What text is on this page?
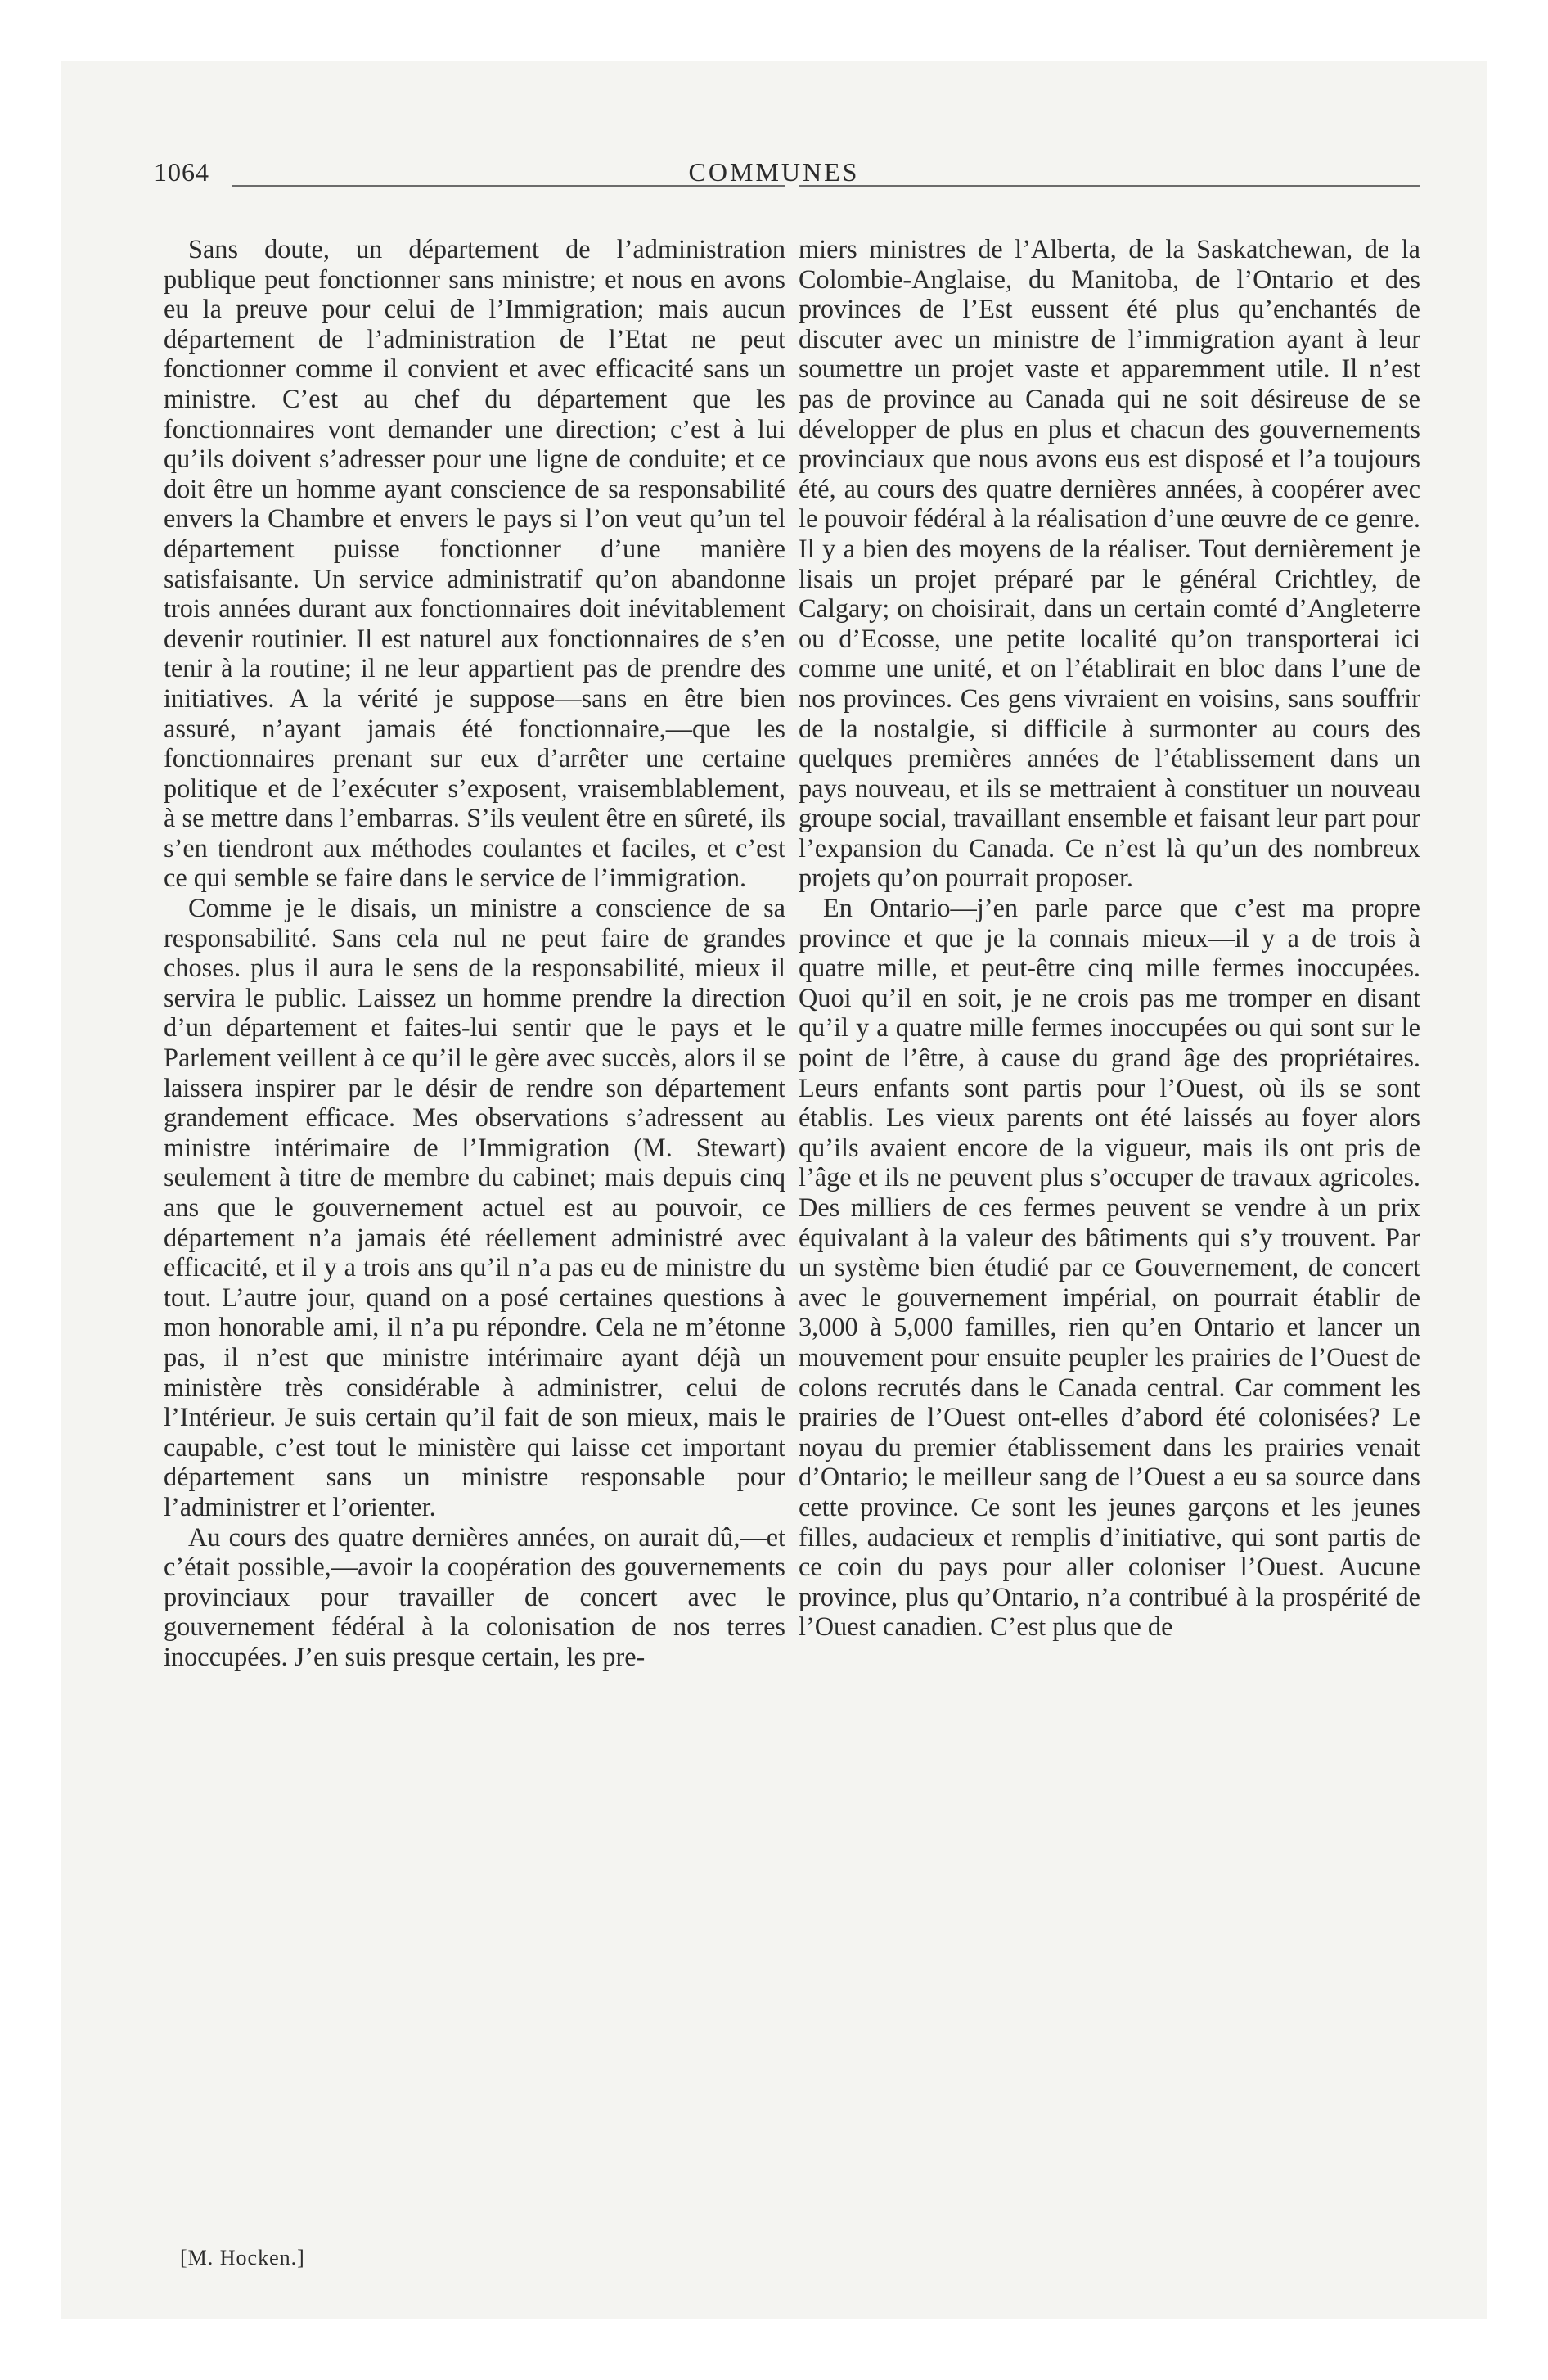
1064	COMMUNES

Sans doute, un département de l’administration publique peut fonctionner sans ministre; et nous en avons eu la preuve pour celui de l’Immigration; mais aucun département de l’administration de l’Etat ne peut fonctionner comme il convient et avec efficacité sans un ministre. C’est au chef du département que les fonctionnaires vont demander une direction; c’est à lui qu’ils doivent s’adresser pour une ligne de conduite; et ce doit être un homme ayant conscience de sa responsabilité envers la Chambre et envers le pays si l’on veut qu’un tel département puisse fonctionner d’une manière satisfaisante. Un service administratif qu’on abandonne trois années durant aux fonctionnaires doit inévitablement devenir routinier. Il est naturel aux fonctionnaires de s’en tenir à la routine; il ne leur appartient pas de prendre des initiatives. A la vérité je suppose—sans en être bien assuré, n’ayant jamais été fonctionnaire,—que les fonctionnaires prenant sur eux d’arrêter une certaine politique et de l’exécuter s’exposent, vraisemblablement, à se mettre dans l’embarras. S’ils veulent être en sûreté, ils s’en tiendront aux méthodes coulantes et faciles, et c’est ce qui semble se faire dans le service de l’immigration.

Comme je le disais, un ministre a conscience de sa responsabilité. Sans cela nul ne peut faire de grandes choses. plus il aura le sens de la responsabilité, mieux il servira le public. Laissez un homme prendre la direction d’un département et faites-lui sentir que le pays et le Parlement veillent à ce qu’il le gère avec succès, alors il se laissera inspirer par le désir de rendre son département grandement efficace. Mes observations s’adressent au ministre intérimaire de l’Immigration (M. Stewart) seulement à titre de membre du cabinet; mais depuis cinq ans que le gouvernement actuel est au pouvoir, ce département n’a jamais été réellement administré avec efficacité, et il y a trois ans qu’il n’a pas eu de ministre du tout. L’autre jour, quand on a posé certaines questions à mon honorable ami, il n’a pu répondre. Cela ne m’étonne pas, il n’est que ministre intérimaire ayant déjà un ministère très considérable à administrer, celui de l’Intérieur. Je suis certain qu’il fait de son mieux, mais le caupable, c’est tout le ministère qui laisse cet important département sans un ministre responsable pour l’administrer et l’orienter.

Au cours des quatre dernières années, on aurait dû,—et c’était possible,—avoir la coopération des gouvernements provinciaux pour travailler de concert avec le gouvernement fédéral à la colonisation de nos terres inoccupées. J’en suis presque certain, les pre-

miers ministres de l’Alberta, de la Saskatchewan, de la Colombie-Anglaise, du Manitoba, de l’Ontario et des provinces de l’Est eussent été plus qu’enchantés de discuter avec un ministre de l’immigration ayant à leur soumettre un projet vaste et apparemment utile. Il n’est pas de province au Canada qui ne soit désireuse de se développer de plus en plus et chacun des gouvernements provinciaux que nous avons eus est disposé et l’a toujours été, au cours des quatre dernières années, à coopérer avec le pouvoir fédéral à la réalisation d’une œuvre de ce genre. Il y a bien des moyens de la réaliser. Tout dernièrement je lisais un projet préparé par le général Crichtley, de Calgary; on choisirait, dans un certain comté d’Angleterre ou d’Ecosse, une petite localité qu’on transporterai ici comme une unité, et on l’établirait en bloc dans l’une de nos provinces. Ces gens vivraient en voisins, sans souffrir de la nostalgie, si difficile à surmonter au cours des quelques premières années de l’établissement dans un pays nouveau, et ils se mettraient à constituer un nouveau groupe social, travaillant ensemble et faisant leur part pour l’expansion du Canada. Ce n’est là qu’un des nombreux projets qu’on pourrait proposer.

En Ontario—j’en parle parce que c’est ma propre province et que je la connais mieux—il y a de trois à quatre mille, et peut-être cinq mille fermes inoccupées. Quoi qu’il en soit, je ne crois pas me tromper en disant qu’il y a quatre mille fermes inoccupées ou qui sont sur le point de l’être, à cause du grand âge des propriétaires. Leurs enfants sont partis pour l’Ouest, où ils se sont établis. Les vieux parents ont été laissés au foyer alors qu’ils avaient encore de la vigueur, mais ils ont pris de l’âge et ils ne peuvent plus s’occuper de travaux agricoles. Des milliers de ces fermes peuvent se vendre à un prix équivalant à la valeur des bâtiments qui s’y trouvent. Par un système bien étudié par ce Gouvernement, de concert avec le gouvernement impérial, on pourrait établir de 3,000 à 5,000 familles, rien qu’en Ontario et lancer un mouvement pour ensuite peupler les prairies de l’Ouest de colons recrutés dans le Canada central. Car comment les prairies de l’Ouest ont-elles d’abord été colonisées? Le noyau du premier établissement dans les prairies venait d’Ontario; le meilleur sang de l’Ouest a eu sa source dans cette province. Ce sont les jeunes garçons et les jeunes filles, audacieux et remplis d’initiative, qui sont partis de ce coin du pays pour aller coloniser l’Ouest. Aucune province, plus qu’Ontario, n’a contribué à la prospérité de l’Ouest canadien. C’est plus que de

[M. Hocken.]
